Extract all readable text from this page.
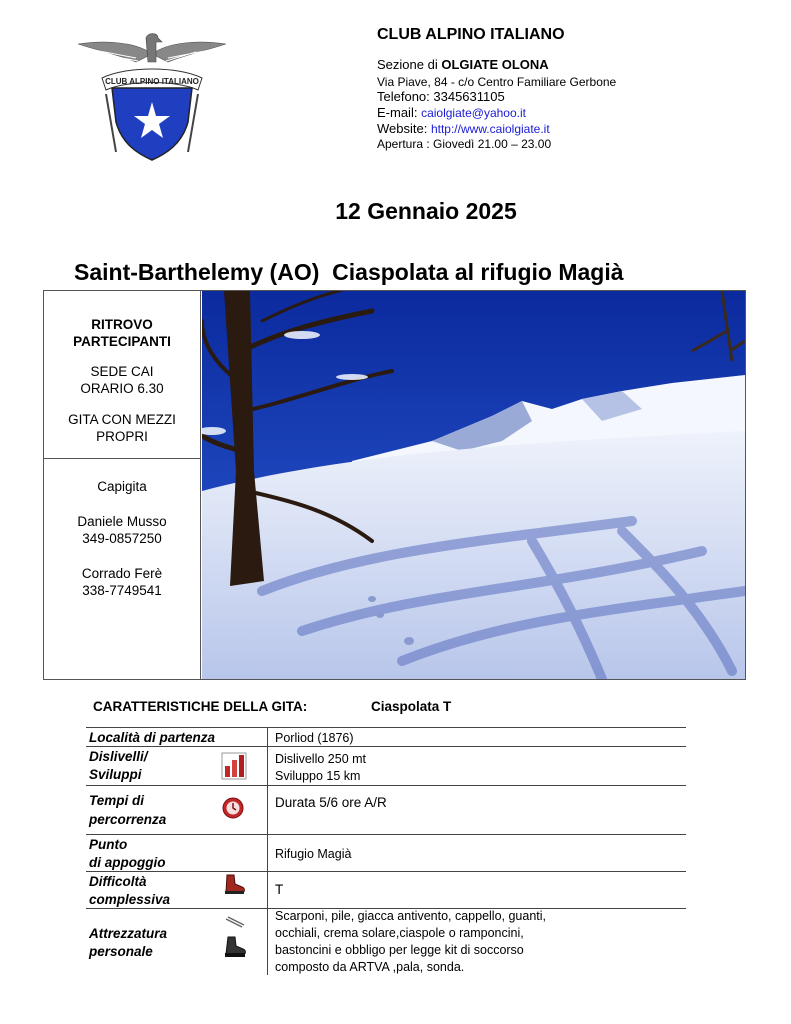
CLUB ALPINO ITALIANO
CLUB ALPINO ITALIANO
Sezione di OLGIATE OLONA
Via Piave, 84 - c/o Centro Familiare Gerbone
Telefono: 3345631105
E-mail: caiolgiate@yahoo.it
Website: http://www.caiolgiate.it
Apertura : Giovedì 21.00 – 23.00
12 Gennaio 2025
Saint-Barthelemy (AO)  Ciaspolata al rifugio Magià
RITROVO
PARTECIPANTI
SEDE CAI
ORARIO 6.30
GITA CON MEZZI
PROPRI
Capigita
Daniele Musso
349-0857250
Corrado Ferè
338-7749541
CARATTERISTICHE DELLA GITA:	Ciaspolata T
Località di partenza	Porliod (1876)
Dislivelli/
Sviluppi
Dislivello 250 mt
Sviluppo 15 km
Tempi di
percorrenza
Durata 5/6 ore A/R
Punto
di appoggio
Rifugio Magià
Difficoltà
complessiva
T
Attrezzatura
personale
Scarponi, pile, giacca antivento, cappello, guanti,
occhiali, crema solare,ciaspole o ramponcini,
bastoncini e obbligo per legge kit di soccorso
composto da ARTVA ,pala, sonda.
